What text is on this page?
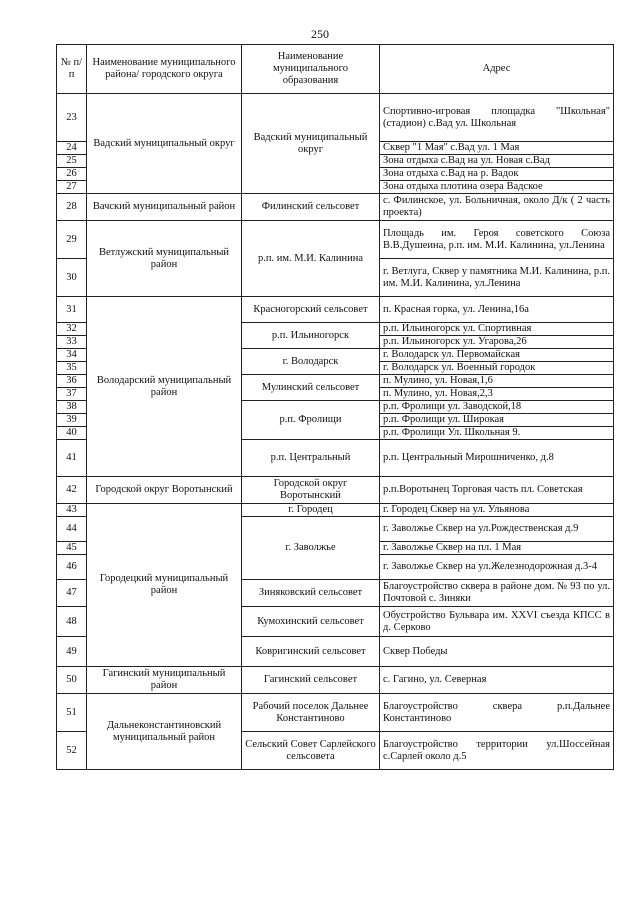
250
№ п/п	Наименование муниципального района/ городского округа	Наименование муниципального образования	Адрес
23	Вадский муниципальный округ	Вадский муниципальный округ	Спортивно-игровая площадка "Школьная" (стадион) с.Вад ул. Школьная
24			Сквер "1 Мая" с.Вад ул. 1 Мая
25			Зона отдыха с.Вад на ул. Новая с.Вад
26			Зона отдыха с.Вад на р. Вадок
27			Зона отдыха плотина озера Вадское
28	Вачский муниципальный район	Филинский сельсовет	с. Филинское, ул. Больничная, около Д/к ( 2 часть проекта)
29	Ветлужский муниципальный район	р.п. им. М.И. Калинина	Площадь им. Героя советского Союза В.В.Душеина, р.п. им. М.И. Калинина, ул.Ленина
30			г. Ветлуга, Сквер у памятника М.И. Калинина, р.п. им. М.И. Калинина, ул.Ленина
31	Володарский муниципальный район	Красногорский сельсовет	п. Красная горка, ул. Ленина,16а
32		р.п. Ильиногорск	р.п. Ильиногорск ул. Спортивная
33			р.п. Ильиногорск ул. Угарова,26
34		г. Володарск	г. Володарск ул. Первомайская
35			г. Володарск ул. Военный городок
36		Мулинский сельсовет	п. Мулино, ул. Новая,1,6
37			п. Мулино, ул. Новая,2,3
38		р.п. Фролищи	р.п. Фролищи ул. Заводской,18
39			р.п. Фролищи ул. Широкая
40			р.п. Фролищи Ул. Школьная 9.
41		р.п. Центральный	р.п. Центральный Мирошниченко, д.8
42	Городской округ Воротынский	Городской округ Воротынский	р.п.Воротынец Торговая часть пл. Советская
43	Городецкий муниципальный район	г. Городец	г. Городец Сквер на ул. Ульянова
44		г. Заволжье	г. Заволжье Сквер на ул.Рождественская д.9
45			г. Заволжье Сквер на пл. 1 Мая
46			г. Заволжье Сквер на ул.Железнодорожная д.3-4
47		Зиняковский сельсовет	Благоустройство сквера в районе дом. № 93 по ул. Почтовой с. Зиняки
48		Кумохинский сельсовет	Обустройство Бульвара им. XXVI съезда КПСС в д. Серково
49		Ковригинский сельсовет	Сквер Победы
50	Гагинский муниципальный район	Гагинский сельсовет	с. Гагино, ул. Северная
51	Дальнеконстантиновский муниципальный район	Рабочий поселок Дальнее Константиново	Благоустройство сквера р.п.Дальнее Константиново
52		Сельский Совет Сарлейского сельсовета	Благоустройство территории ул.Шоссейная с.Сарлей около д.5
